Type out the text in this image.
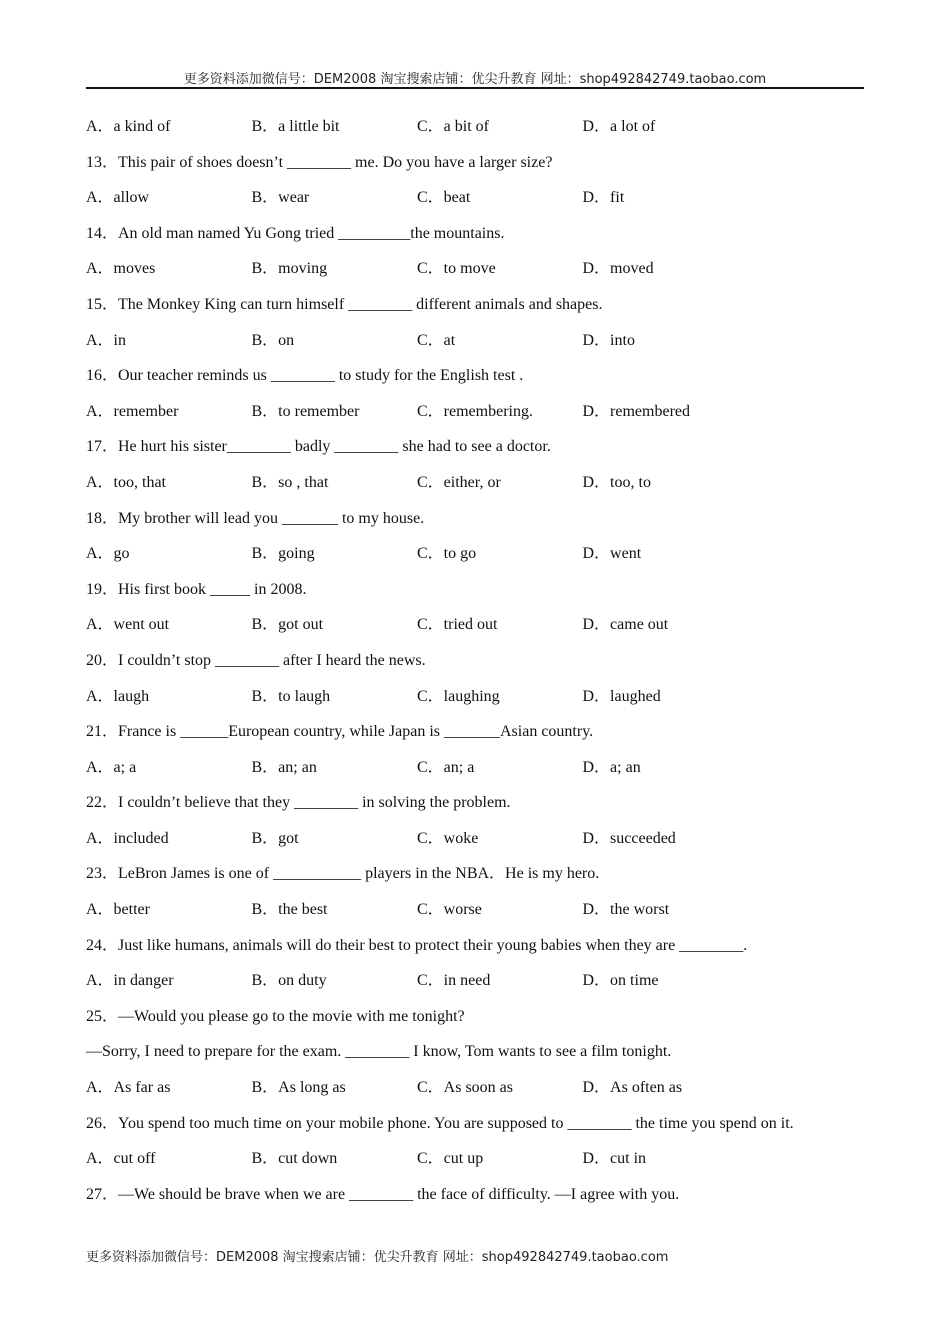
更多资料添加微信号：DEM2008 淘宝搜索店铺：优尖升教育 网址：shop492842749.taobao.com
A．a kind of	B．a little bit	C．a bit of	D．a lot of
13．This pair of shoes doesn’t ________ me. Do you have a larger size?
A．allow	B．wear	C．beat	D．fit
14．An old man named Yu Gong tried _________the mountains.
A．moves	B．moving	C．to move	D．moved
15．The Monkey King can turn himself ________ different animals and shapes.
A．in	B．on	C．at	D．into
16．Our teacher reminds us ________ to study for the English test .
A．remember	B．to remember	C．remembering.	D．remembered
17．He hurt his sister________ badly ________ she had to see a doctor.
A．too, that	B．so , that	C．either, or	D．too, to
18．My brother will lead you _______ to my house.
A．go	B．going	C．to go	D．went
19．His first book _____ in 2008.
A．went out	B．got out	C．tried out	D．came out
20．I couldn’t stop ________ after I heard the news.
A．laugh	B．to laugh	C．laughing	D．laughed
21．France is ______European country, while Japan is _______Asian country.
A．a; a	B．an; an	C．an; a	D．a; an
22．I couldn’t believe that they ________ in solving the problem.
A．included	B．got	C．woke	D．succeeded
23．LeBron James is one of ___________ players in the NBA．He is my hero.
A．better	B．the best	C．worse	D．the worst
24．Just like humans, animals will do their best to protect their young babies when they are ________.
A．in danger	B．on duty	C．in need	D．on time
25．—Would you please go to the movie with me tonight?
—Sorry, I need to prepare for the exam. ________ I know, Tom wants to see a film tonight.
A．As far as	B．As long as	C．As soon as	D．As often as
26．You spend too much time on your mobile phone. You are supposed to ________ the time you spend on it.
A．cut off	B．cut down	C．cut up	D．cut in
27．—We should be brave when we are ________ the face of difficulty. —I agree with you.
更多资料添加微信号：DEM2008 淘宝搜索店铺：优尖升教育 网址：shop492842749.taobao.com
